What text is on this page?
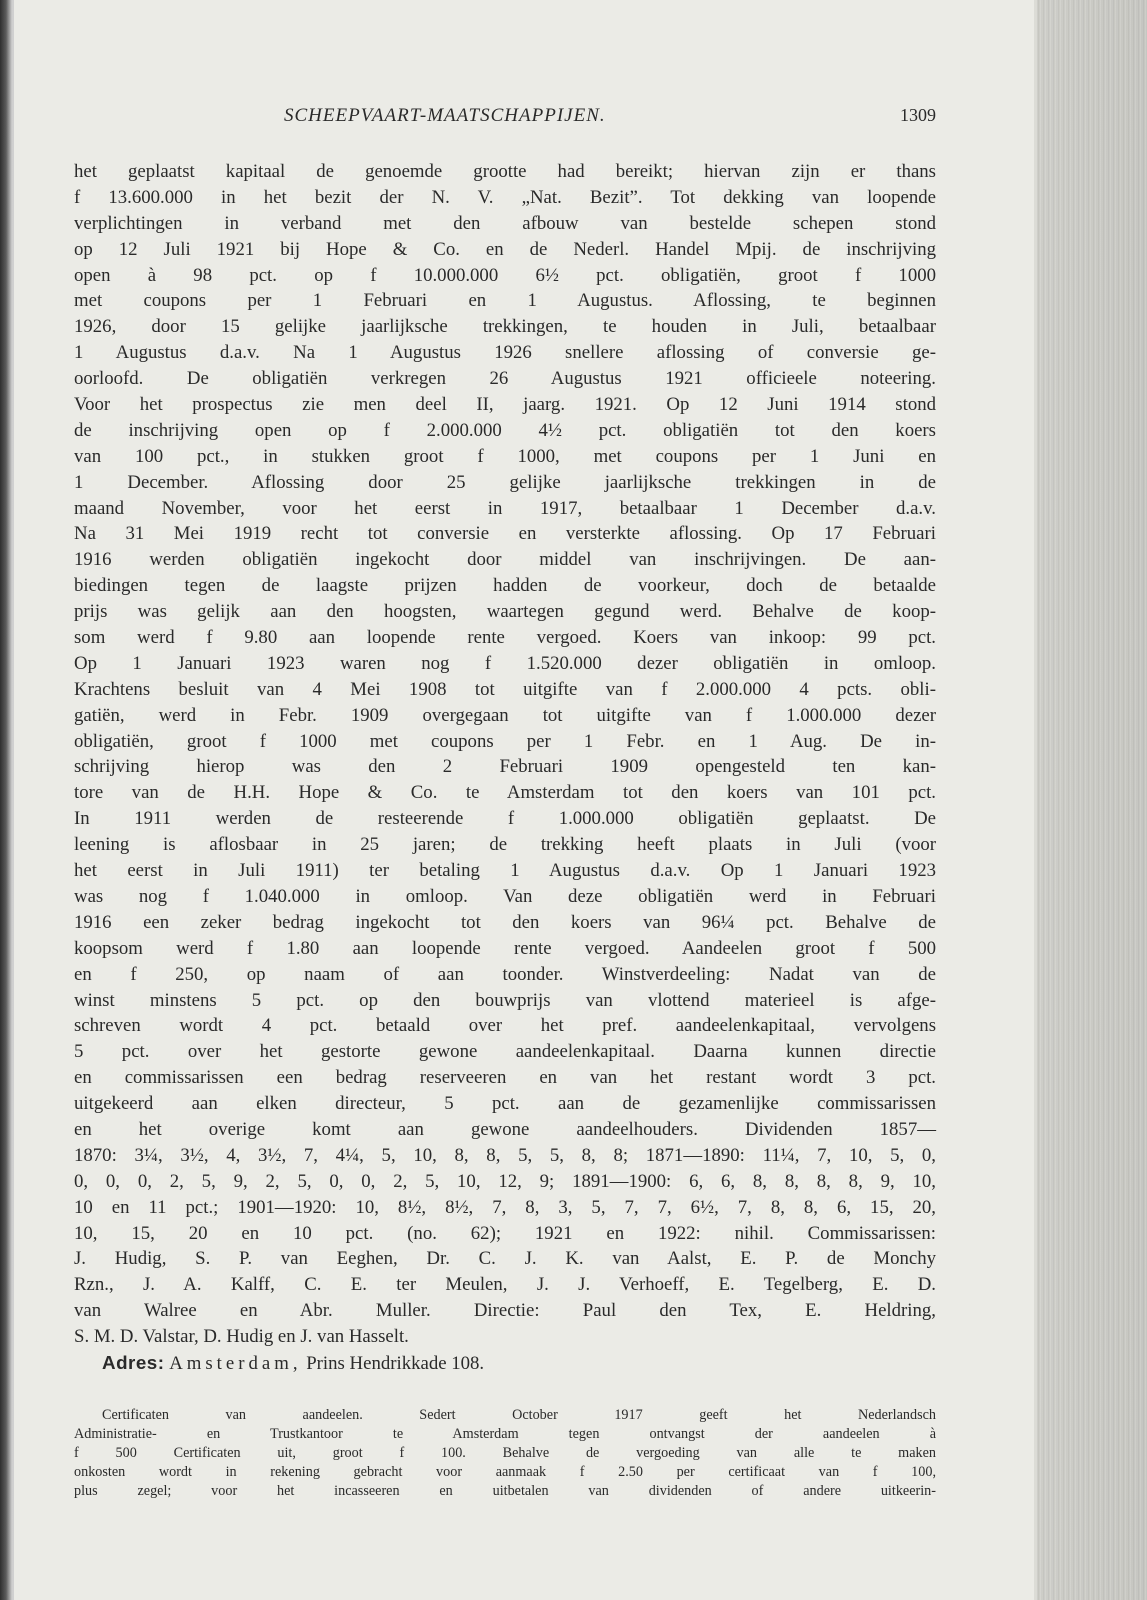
SCHEEPVAART-MAATSCHAPPIJEN.	1309
het geplaatst kapitaal de genoemde grootte had bereikt; hiervan zijn er thans
f 13.600.000 in het bezit der N. V. „Nat. Bezit”. Tot dekking van loopende
verplichtingen in verband met den afbouw van bestelde schepen stond
op 12 Juli 1921 bij Hope & Co. en de Nederl. Handel Mpij. de inschrijving
open à 98 pct. op f 10.000.000 6½ pct. obligatiën, groot f 1000
met coupons per 1 Februari en 1 Augustus. Aflossing, te beginnen
1926, door 15 gelijke jaarlijksche trekkingen, te houden in Juli, betaalbaar
1 Augustus d.a.v. Na 1 Augustus 1926 snellere aflossing of conversie ge-
oorloofd. De obligatiën verkregen 26 Augustus 1921 officieele noteering.
Voor het prospectus zie men deel II, jaarg. 1921. Op 12 Juni 1914 stond
de inschrijving open op f 2.000.000 4½ pct. obligatiën tot den koers
van 100 pct., in stukken groot f 1000, met coupons per 1 Juni en
1 December. Aflossing door 25 gelijke jaarlijksche trekkingen in de
maand November, voor het eerst in 1917, betaalbaar 1 December d.a.v.
Na 31 Mei 1919 recht tot conversie en versterkte aflossing. Op 17 Februari
1916 werden obligatiën ingekocht door middel van inschrijvingen. De aan-
biedingen tegen de laagste prijzen hadden de voorkeur, doch de betaalde
prijs was gelijk aan den hoogsten, waartegen gegund werd. Behalve de koop-
som werd f 9.80 aan loopende rente vergoed. Koers van inkoop: 99 pct.
Op 1 Januari 1923 waren nog f 1.520.000 dezer obligatiën in omloop.
Krachtens besluit van 4 Mei 1908 tot uitgifte van f 2.000.000 4 pcts. obli-
gatiën, werd in Febr. 1909 overgegaan tot uitgifte van f 1.000.000 dezer
obligatiën, groot f 1000 met coupons per 1 Febr. en 1 Aug. De in-
schrijving hierop was den 2 Februari 1909 opengesteld ten kan-
tore van de H.H. Hope & Co. te Amsterdam tot den koers van 101 pct.
In 1911 werden de resteerende f 1.000.000 obligatiën geplaatst. De
leening is aflosbaar in 25 jaren; de trekking heeft plaats in Juli (voor
het eerst in Juli 1911) ter betaling 1 Augustus d.a.v. Op 1 Januari 1923
was nog f 1.040.000 in omloop. Van deze obligatiën werd in Februari
1916 een zeker bedrag ingekocht tot den koers van 96¼ pct. Behalve de
koopsom werd f 1.80 aan loopende rente vergoed. Aandeelen groot f 500
en f 250, op naam of aan toonder. Winstverdeeling: Nadat van de
winst minstens 5 pct. op den bouwprijs van vlottend materieel is afge-
schreven wordt 4 pct. betaald over het pref. aandeelenkapitaal, vervolgens
5 pct. over het gestorte gewone aandeelenkapitaal. Daarna kunnen directie
en commissarissen een bedrag reserveeren en van het restant wordt 3 pct.
uitgekeerd aan elken directeur, 5 pct. aan de gezamenlijke commissarissen
en het overige komt aan gewone aandeelhouders. Dividenden 1857—
1870: 3¼, 3½, 4, 3½, 7, 4¼, 5, 10, 8, 8, 5, 5, 8, 8; 1871—1890: 11¼, 7, 10, 5, 0,
0, 0, 0, 2, 5, 9, 2, 5, 0, 0, 2, 5, 10, 12, 9; 1891—1900: 6, 6, 8, 8, 8, 8, 9, 10,
10 en 11 pct.; 1901—1920: 10, 8½, 8½, 7, 8, 3, 5, 7, 7, 6½, 7, 8, 8, 6, 15, 20,
10, 15, 20 en 10 pct. (no. 62); 1921 en 1922: nihil. Commissarissen:
J. Hudig, S. P. van Eeghen, Dr. C. J. K. van Aalst, E. P. de Monchy
Rzn., J. A. Kalff, C. E. ter Meulen, J. J. Verhoeff, E. Tegelberg, E. D.
van Walree en Abr. Muller. Directie: Paul den Tex, E. Heldring,
S. M. D. Valstar, D. Hudig en J. van Hasselt.
Adres: Amsterdam, Prins Hendrikkade 108.
Certificaten van aandeelen. Sedert October 1917 geeft het Nederlandsch
Administratie- en Trustkantoor te Amsterdam tegen ontvangst der aandeelen à
f 500 Certificaten uit, groot f 100. Behalve de vergoeding van alle te maken
onkosten wordt in rekening gebracht voor aanmaak f 2.50 per certificaat van f 100,
plus zegel; voor het incasseeren en uitbetalen van dividenden of andere uitkeerin-
